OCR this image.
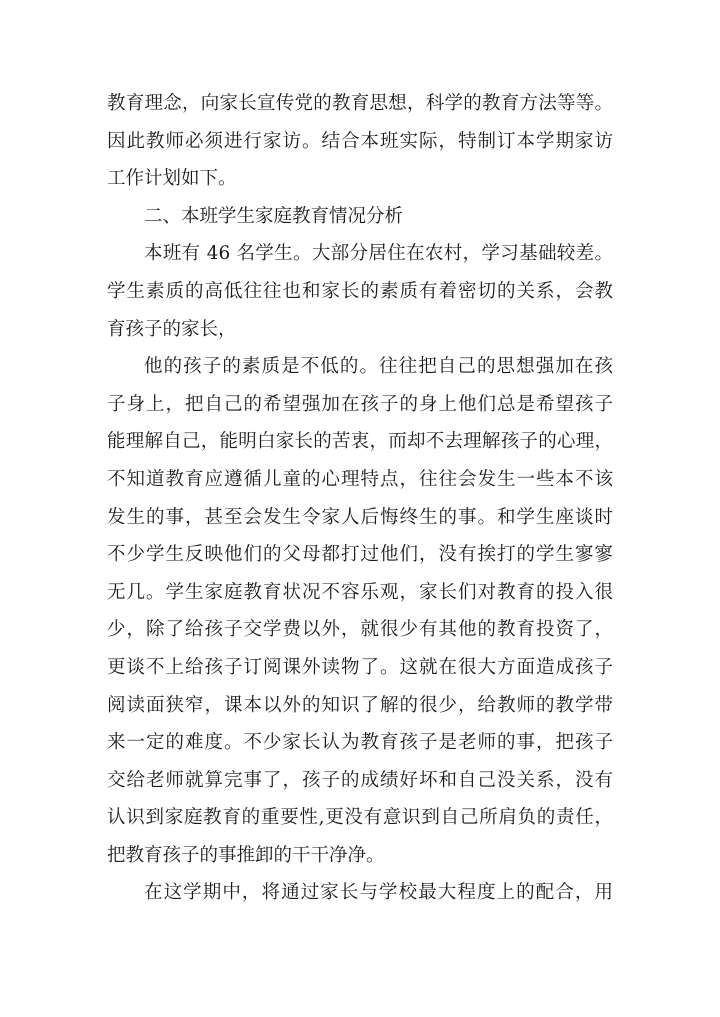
教育理念，向家长宣传党的教育思想，科学的教育方法等等。
因此教师必须进行家访。结合本班实际，特制订本学期家访
工作计划如下。
二、本班学生家庭教育情况分析
本班有 46 名学生。大部分居住在农村，学习基础较差。
学生素质的高低往往也和家长的素质有着密切的关系，会教
育孩子的家长，
他的孩子的素质是不低的。往往把自己的思想强加在孩
子身上，把自己的希望强加在孩子的身上他们总是希望孩子
能理解自己，能明白家长的苦衷，而却不去理解孩子的心理，
不知道教育应遵循儿童的心理特点，往往会发生一些本不该
发生的事，甚至会发生令家人后悔终生的事。和学生座谈时
不少学生反映他们的父母都打过他们，没有挨打的学生寥寥
无几。学生家庭教育状况不容乐观，家长们对教育的投入很
少，除了给孩子交学费以外，就很少有其他的教育投资了，
更谈不上给孩子订阅课外读物了。这就在很大方面造成孩子
阅读面狭窄，课本以外的知识了解的很少，给教师的教学带
来一定的难度。不少家长认为教育孩子是老师的事，把孩子
交给老师就算完事了，孩子的成绩好坏和自己没关系，没有
认识到家庭教育的重要性,更没有意识到自己所肩负的责任，
把教育孩子的事推卸的干干净净。
在这学期中，将通过家长与学校最大程度上的配合，用
